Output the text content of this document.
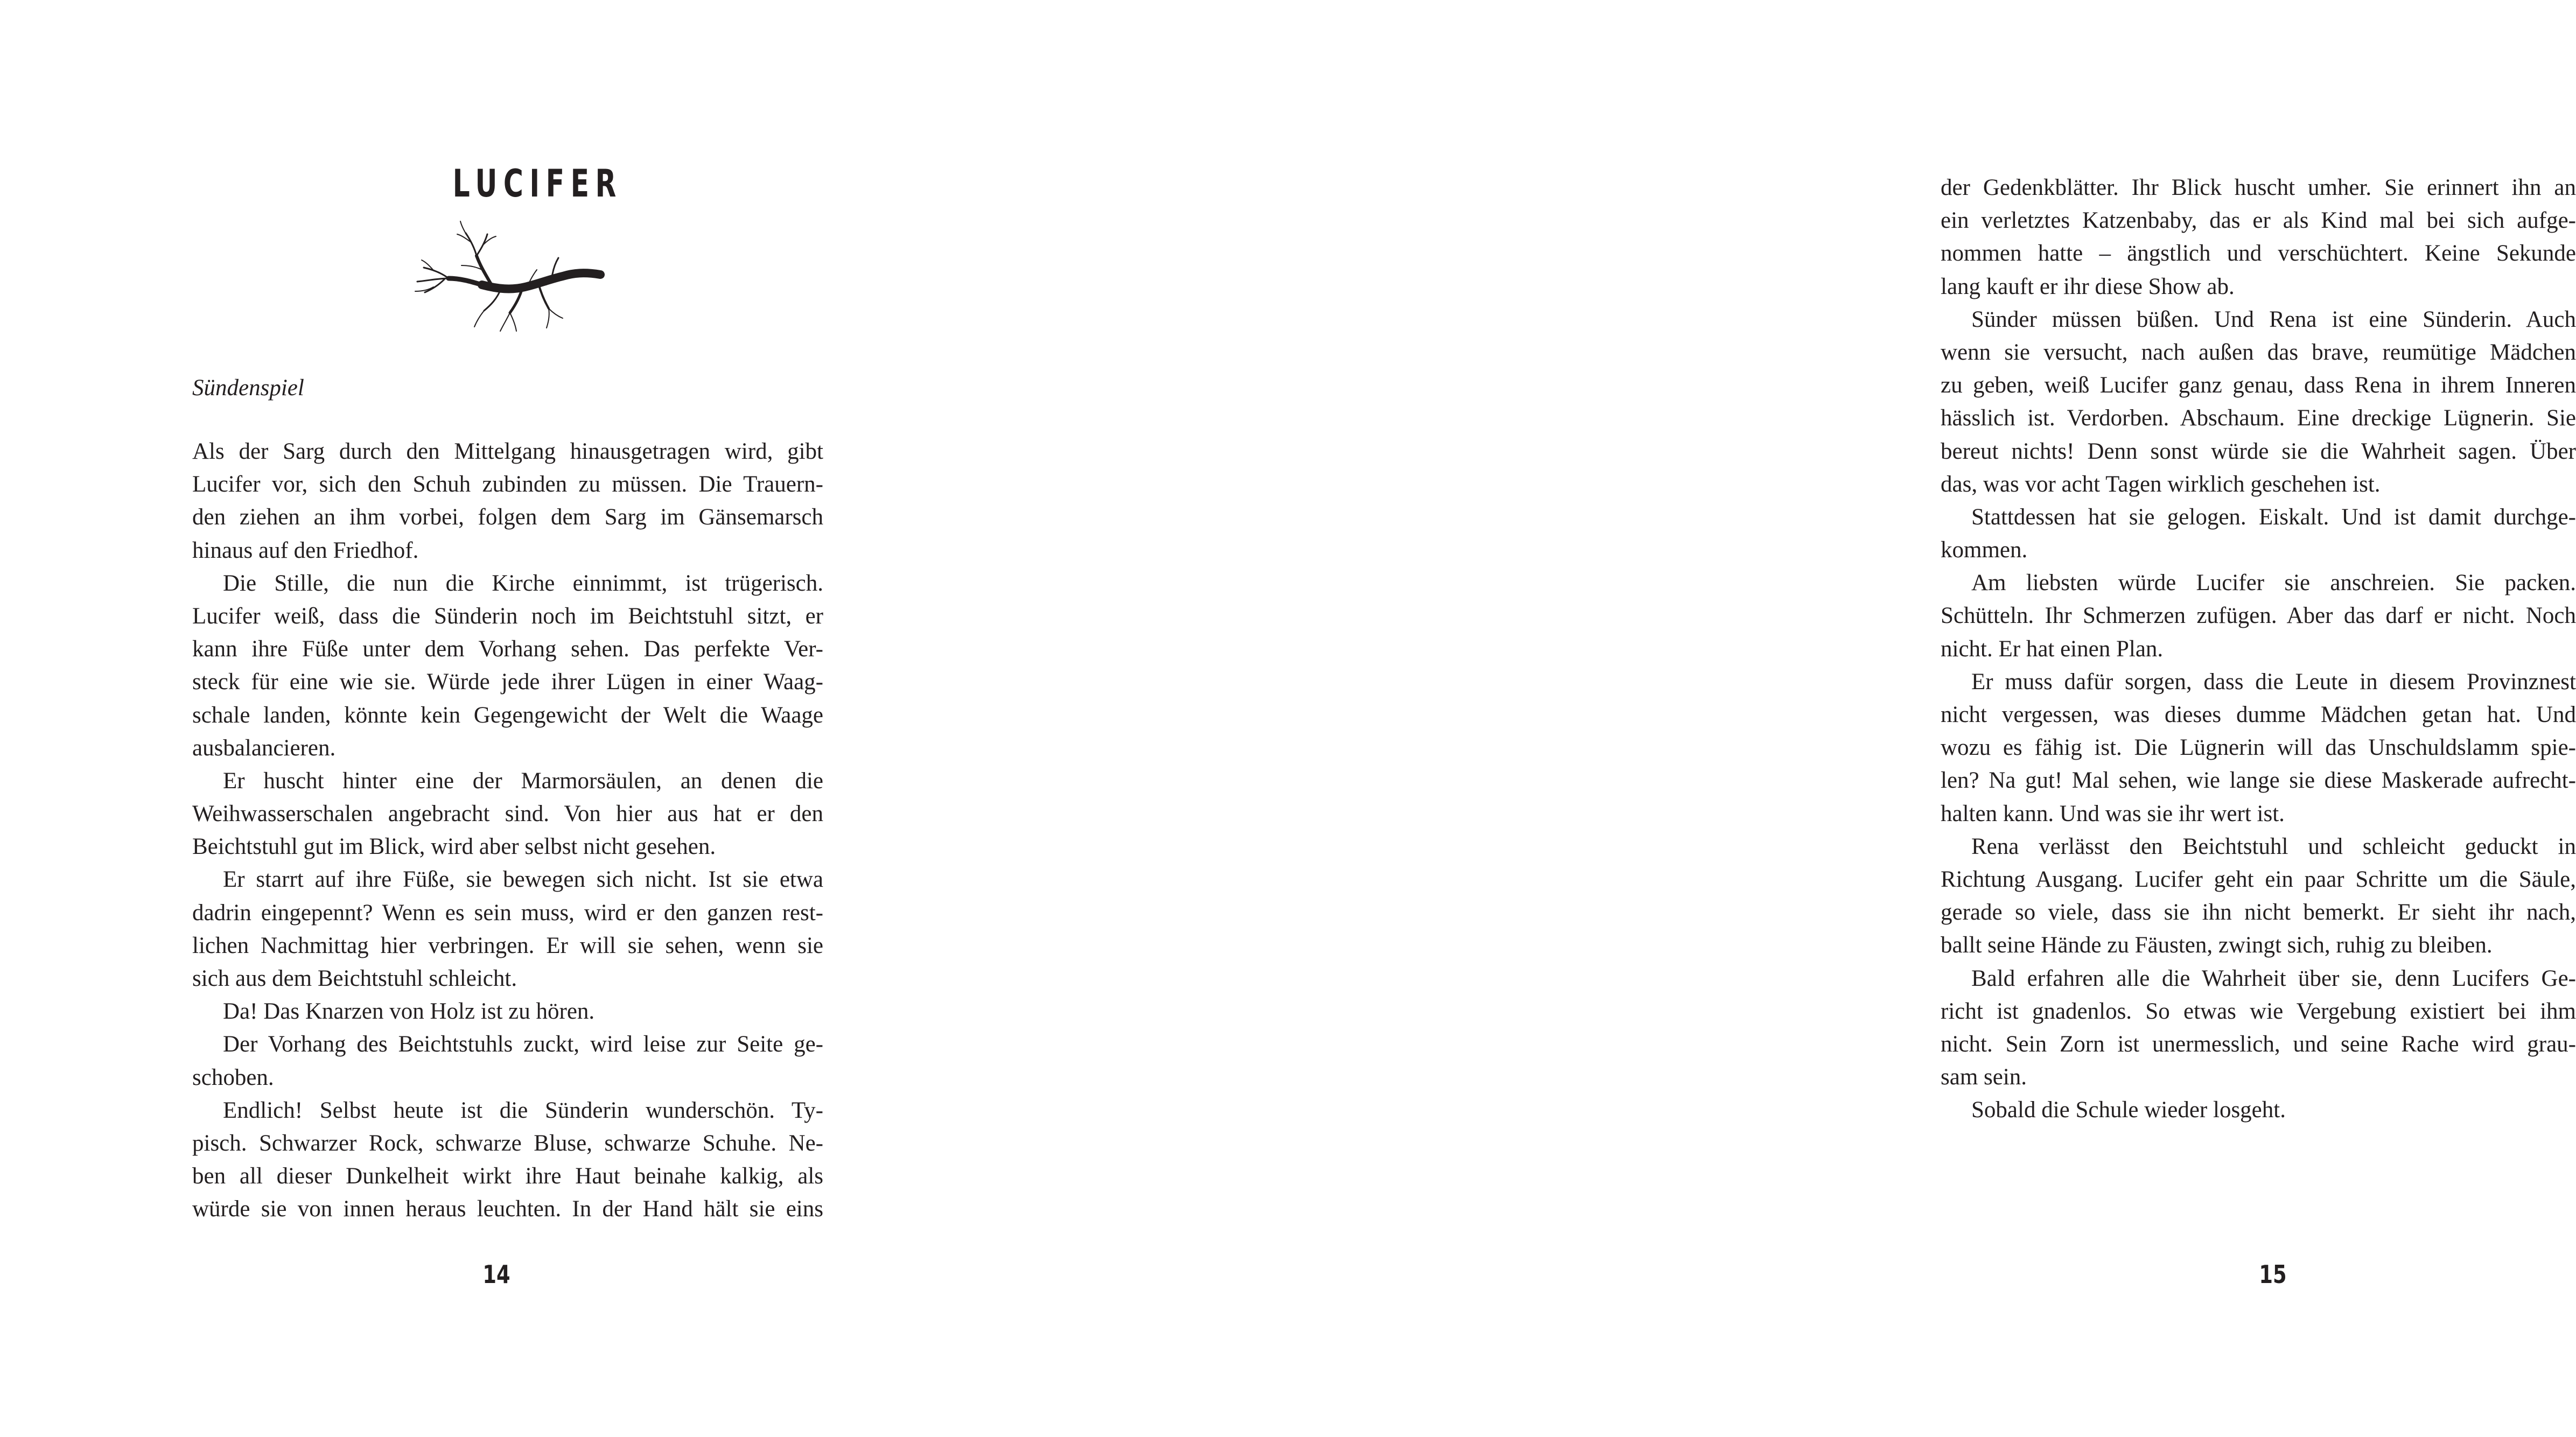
LUCIFER
Sündenspiel
Als der Sarg durch den Mittelgang hinausgetragen wird, gibt
Lucifer vor, sich den Schuh zubinden zu müssen. Die Trauern-
den ziehen an ihm vorbei, folgen dem Sarg im Gänsemarsch
hinaus auf den Friedhof.
Die Stille, die nun die Kirche einnimmt, ist trügerisch.
Lucifer weiß, dass die Sünderin noch im Beichtstuhl sitzt, er
kann ihre Füße unter dem Vorhang sehen. Das perfekte Ver-
steck für eine wie sie. Würde jede ihrer Lügen in einer Waag-
schale landen, könnte kein Gegengewicht der Welt die Waage
ausbalancieren.
Er huscht hinter eine der Marmorsäulen, an denen die
Weihwasserschalen angebracht sind. Von hier aus hat er den
Beichtstuhl gut im Blick, wird aber selbst nicht gesehen.
Er starrt auf ihre Füße, sie bewegen sich nicht. Ist sie etwa
dadrin eingepennt? Wenn es sein muss, wird er den ganzen rest-
lichen Nachmittag hier verbringen. Er will sie sehen, wenn sie
sich aus dem Beichtstuhl schleicht.
Da! Das Knarzen von Holz ist zu hören.
Der Vorhang des Beichtstuhls zuckt, wird leise zur Seite ge-
schoben.
Endlich! Selbst heute ist die Sünderin wunderschön. Ty-
pisch. Schwarzer Rock, schwarze Bluse, schwarze Schuhe. Ne-
ben all dieser Dunkelheit wirkt ihre Haut beinahe kalkig, als
würde sie von innen heraus leuchten. In der Hand hält sie eins
14
der Gedenkblätter. Ihr Blick huscht umher. Sie erinnert ihn an
ein verletztes Katzenbaby, das er als Kind mal bei sich aufge-
nommen hatte – ängstlich und verschüchtert. Keine Sekunde
lang kauft er ihr diese Show ab.
Sünder müssen büßen. Und Rena ist eine Sünderin. Auch
wenn sie versucht, nach außen das brave, reumütige Mädchen
zu geben, weiß Lucifer ganz genau, dass Rena in ihrem Inneren
hässlich ist. Verdorben. Abschaum. Eine dreckige Lügnerin. Sie
bereut nichts! Denn sonst würde sie die Wahrheit sagen. Über
das, was vor acht Tagen wirklich geschehen ist.
Stattdessen hat sie gelogen. Eiskalt. Und ist damit durchge-
kommen.
Am liebsten würde Lucifer sie anschreien. Sie packen.
Schütteln. Ihr Schmerzen zufügen. Aber das darf er nicht. Noch
nicht. Er hat einen Plan.
Er muss dafür sorgen, dass die Leute in diesem Provinznest
nicht vergessen, was dieses dumme Mädchen getan hat. Und
wozu es fähig ist. Die Lügnerin will das Unschuldslamm spie-
len? Na gut! Mal sehen, wie lange sie diese Maskerade aufrecht-
halten kann. Und was sie ihr wert ist.
Rena verlässt den Beichtstuhl und schleicht geduckt in
Richtung Ausgang. Lucifer geht ein paar Schritte um die Säule,
gerade so viele, dass sie ihn nicht bemerkt. Er sieht ihr nach,
ballt seine Hände zu Fäusten, zwingt sich, ruhig zu bleiben.
Bald erfahren alle die Wahrheit über sie, denn Lucifers Ge-
richt ist gnadenlos. So etwas wie Vergebung existiert bei ihm
nicht. Sein Zorn ist unermesslich, und seine Rache wird grau-
sam sein.
Sobald die Schule wieder losgeht.
15
